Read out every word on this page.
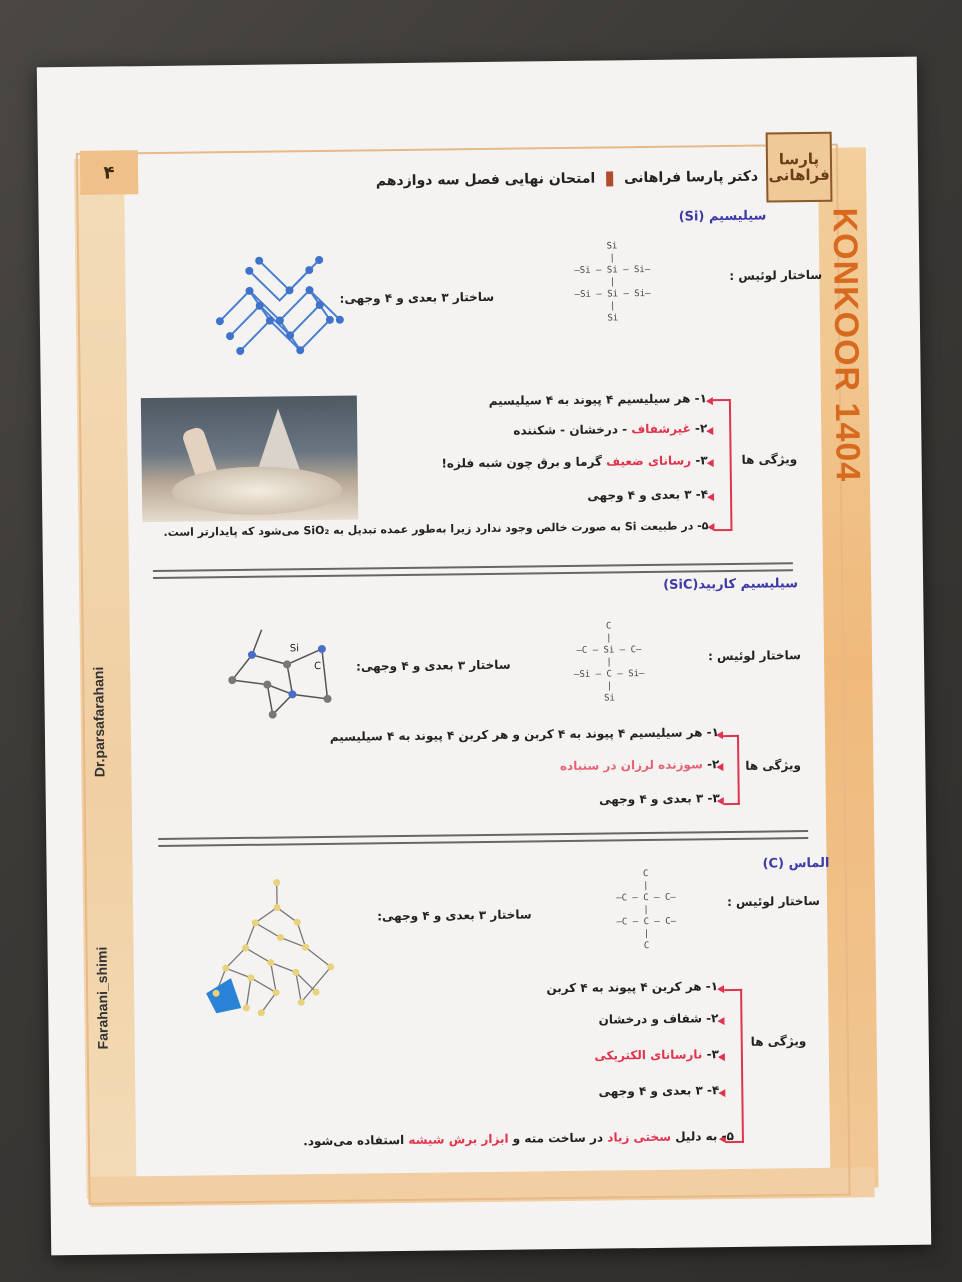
KONKOOR 1404
Dr.parsafarahani
Farahani_shimi
پارسا فراهانی
۴	دکتر پارسا فراهانی  امتحان نهایی فصل سه دوازدهم
سیلیسیم (Si)
ساختار لوئیس :
Si
|
—Si — Si — Si—
|
—Si — Si — Si—
|
Si
ساختار ۳ بعدی و ۴ وجهی:
ویژگی ها
۱- هر سیلیسیم ۴ پیوند به ۴ سیلیسیم
۲- غیرشفاف - درخشان - شکننده
۳- رسانای ضعیف گرما و برق چون شبه فلزه!
۴- ۳ بعدی و ۴ وجهی
۵- در طبیعت Si به صورت خالص وجود ندارد زیرا به‌طور عمده تبدیل به SiO₂ می‌شود که پایدارتر است.
سیلیسیم کاربید(SiC)
ساختار لوئیس :
C
|
—C — Si — C—
|
—Si — C — Si—
|
Si
ساختار ۳ بعدی و ۴ وجهی:
Si
C
ویژگی ها
۱- هر سیلیسیم ۴ پیوند به ۴ کربن و هر کربن ۴ پیوند به ۴ سیلیسیم
۲- سوزنده لرزان در سنباده
۳- ۳ بعدی و ۴ وجهی
الماس (C)
ساختار لوئیس :
C
|
—C — C — C—
|
—C — C — C—
|
C
ساختار ۳ بعدی و ۴ وجهی:
ویژگی ها
۱- هر کربن ۴ پیوند به ۴ کربن
۲- شفاف و درخشان
۳- نارسانای الکتریکی
۴- ۳ بعدی و ۴ وجهی
۵- به دلیل سختی زیاد در ساخت مته و ابزار برش شیشه استفاده می‌شود.
